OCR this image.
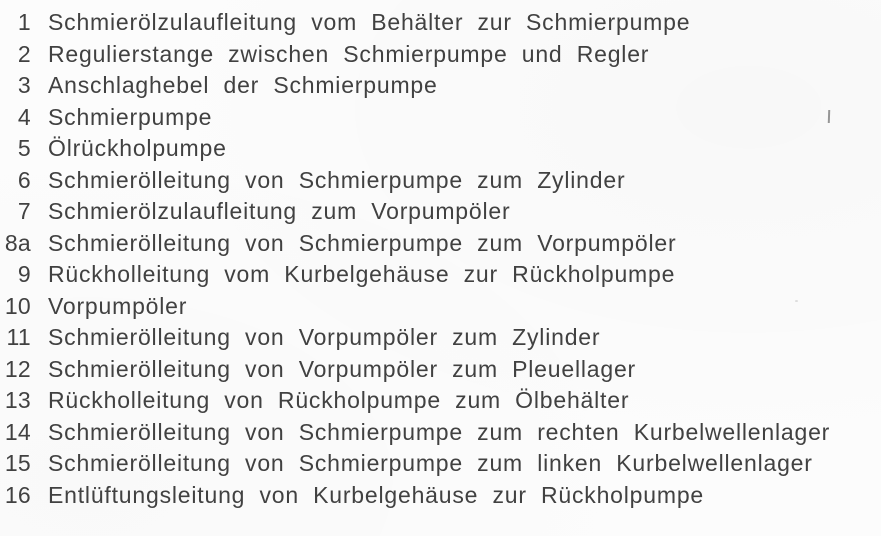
1 Schmierölzulaufleitung vom Behälter zur Schmierpumpe
2 Regulierstange zwischen Schmierpumpe und Regler
3 Anschlaghebel der Schmierpumpe
4 Schmierpumpe
5 Ölrückholpumpe
6 Schmierölleitung von Schmierpumpe zum Zylinder
7 Schmierölzulaufleitung zum Vorpumpöler
8a Schmierölleitung von Schmierpumpe zum Vorpumpöler
9 Rückholleitung vom Kurbelgehäuse zur Rückholpumpe
10 Vorpumpöler
11 Schmierölleitung von Vorpumpöler zum Zylinder
12 Schmierölleitung von Vorpumpöler zum Pleuellager
13 Rückholleitung von Rückholpumpe zum Ölbehälter
14 Schmierölleitung von Schmierpumpe zum rechten Kurbelwellenlager
15 Schmierölleitung von Schmierpumpe zum linken Kurbelwellenlager
16 Entlüftungsleitung von Kurbelgehäuse zur Rückholpumpe
